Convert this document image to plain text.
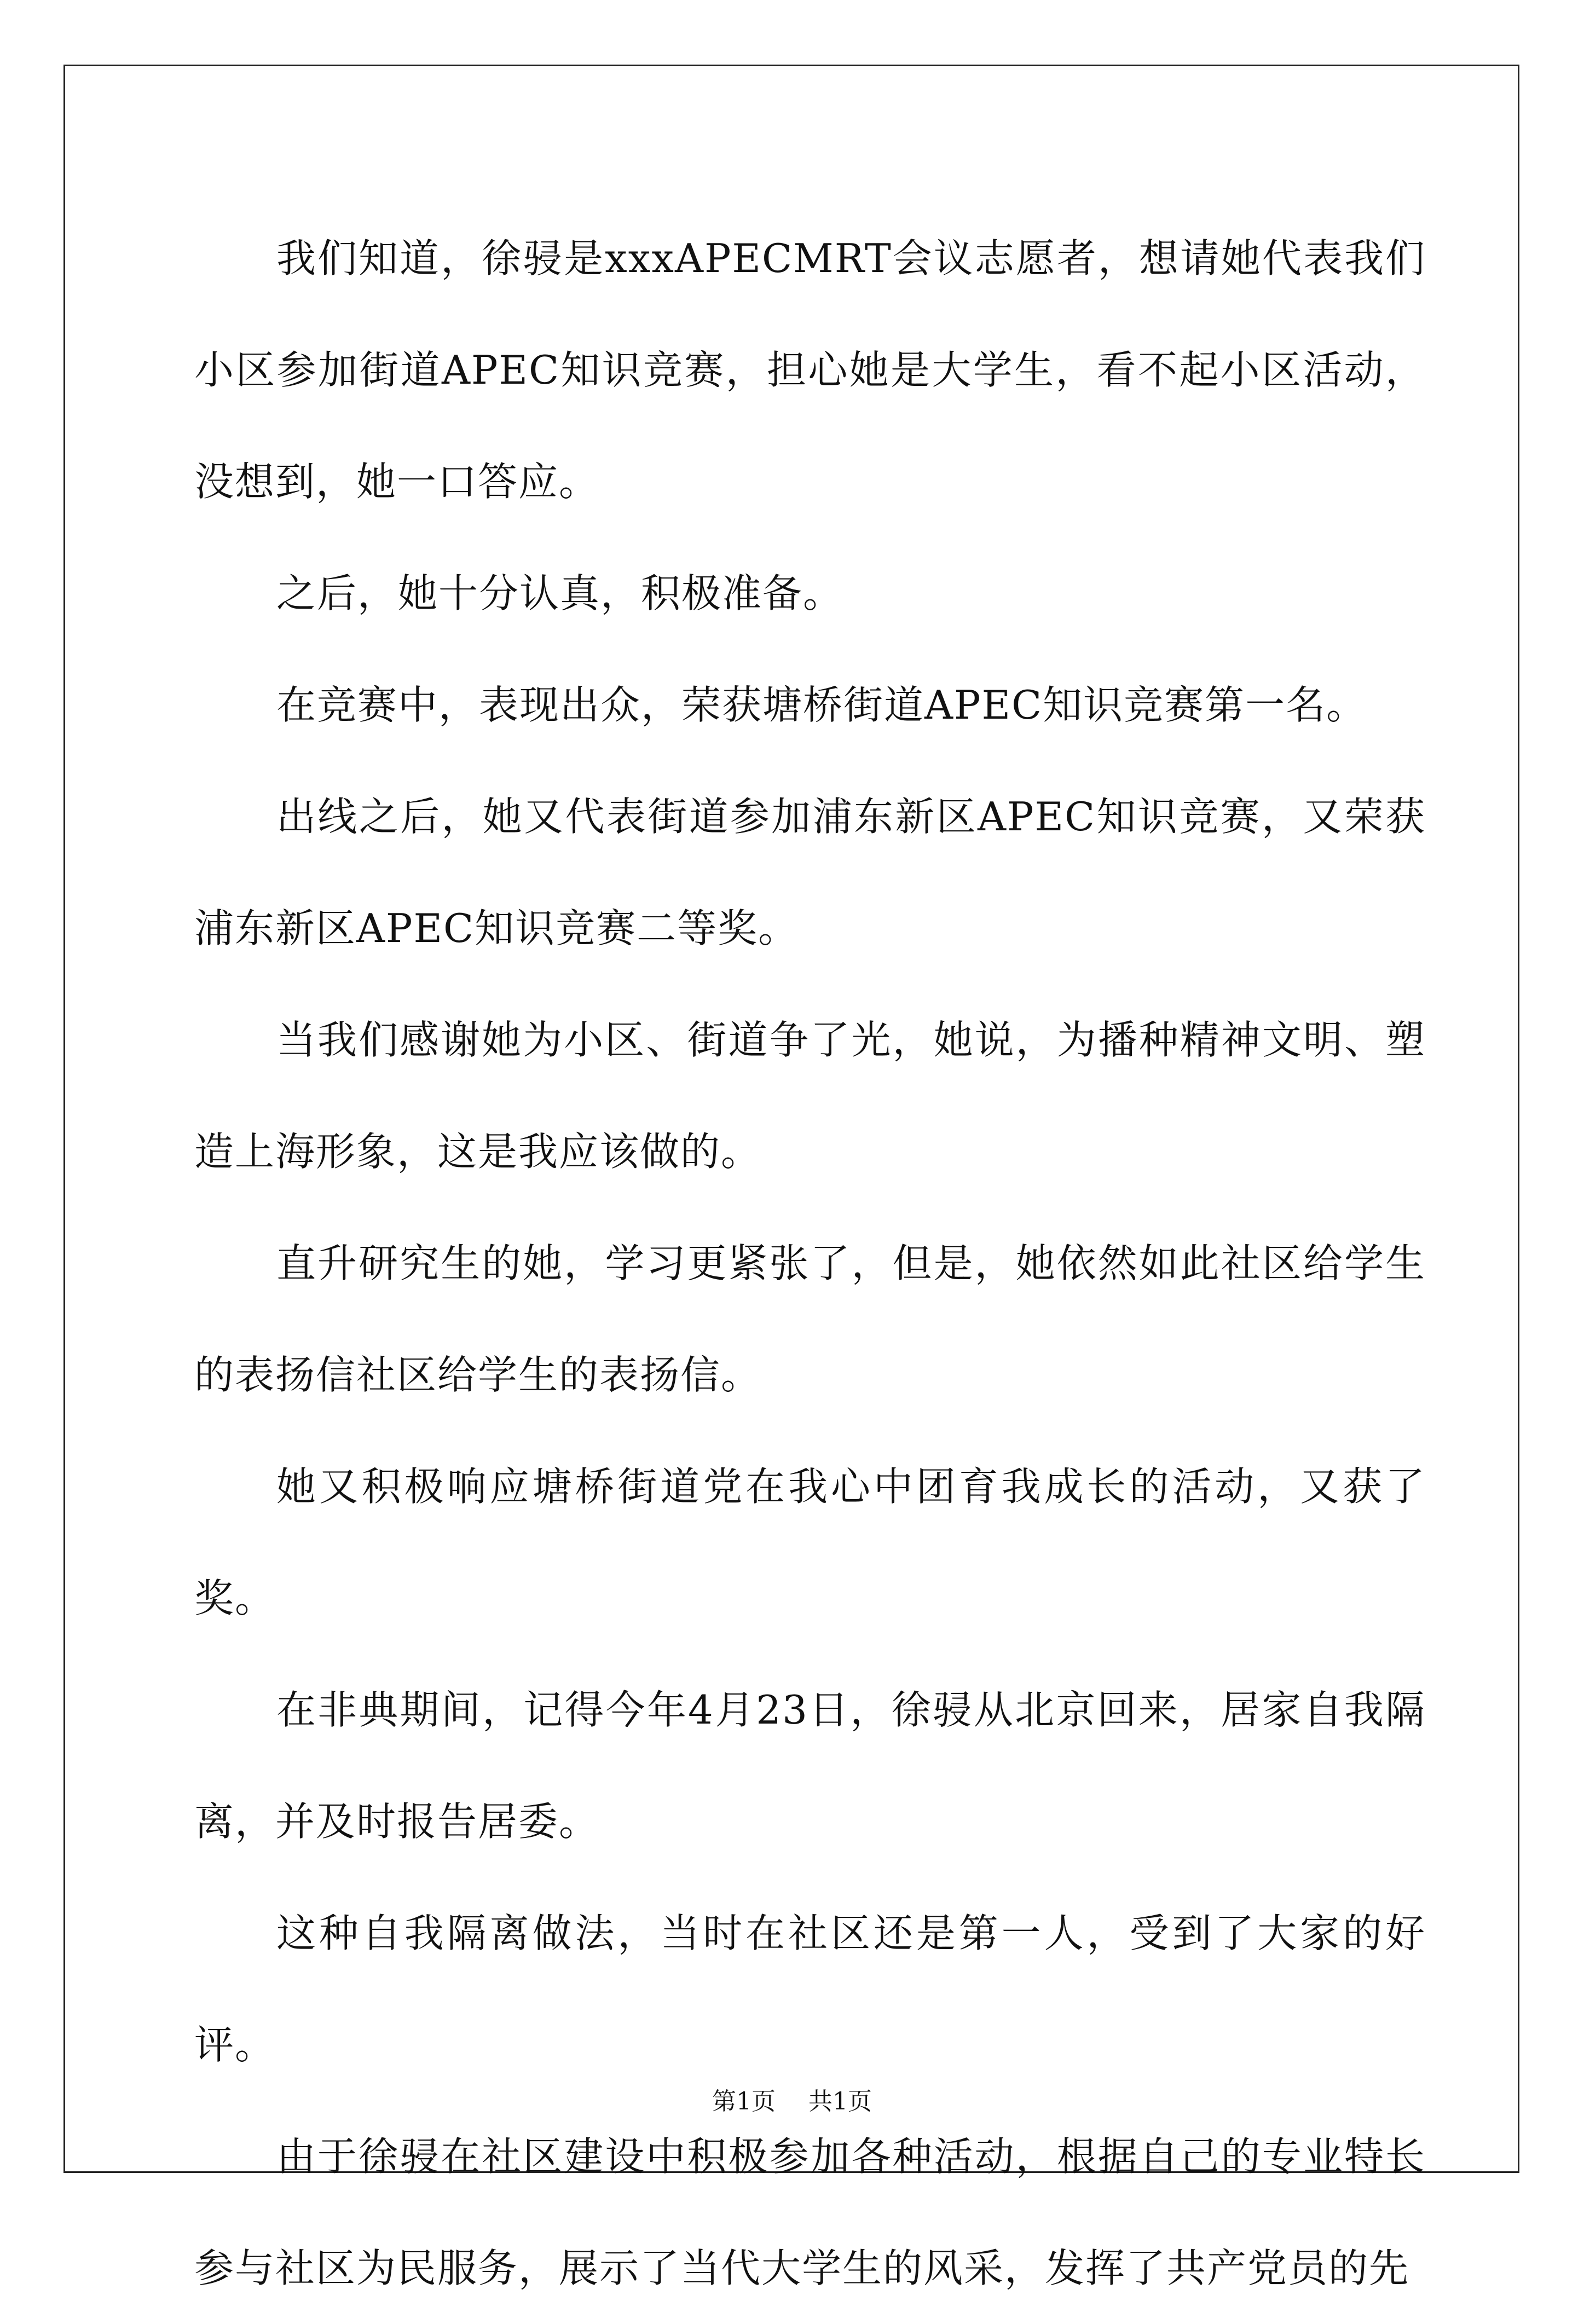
我们知道，徐骎是xxxAPECMRT会议志愿者，想请她代表我们小区参加街道APEC知识竞赛，担心她是大学生，看不起小区活动，没想到，她一口答应。

之后，她十分认真，积极准备。

在竞赛中，表现出众，荣获塘桥街道APEC知识竞赛第一名。

出线之后，她又代表街道参加浦东新区APEC知识竞赛，又荣获浦东新区APEC知识竞赛二等奖。

当我们感谢她为小区、街道争了光，她说，为播种精神文明、塑造上海形象，这是我应该做的。

直升研究生的她，学习更紧张了，但是，她依然如此社区给学生的表扬信社区给学生的表扬信。

她又积极响应塘桥街道党在我心中团育我成长的活动，又获了奖。

在非典期间，记得今年4月23日，徐骎从北京回来，居家自我隔离，并及时报告居委。

这种自我隔离做法，当时在社区还是第一人，受到了大家的好评。

由于徐骎在社区建设中积极参加各种活动，根据自己的专业特长参与社区为民服务，展示了当代大学生的风采，发挥了共产党员的先

第1页 共1页
